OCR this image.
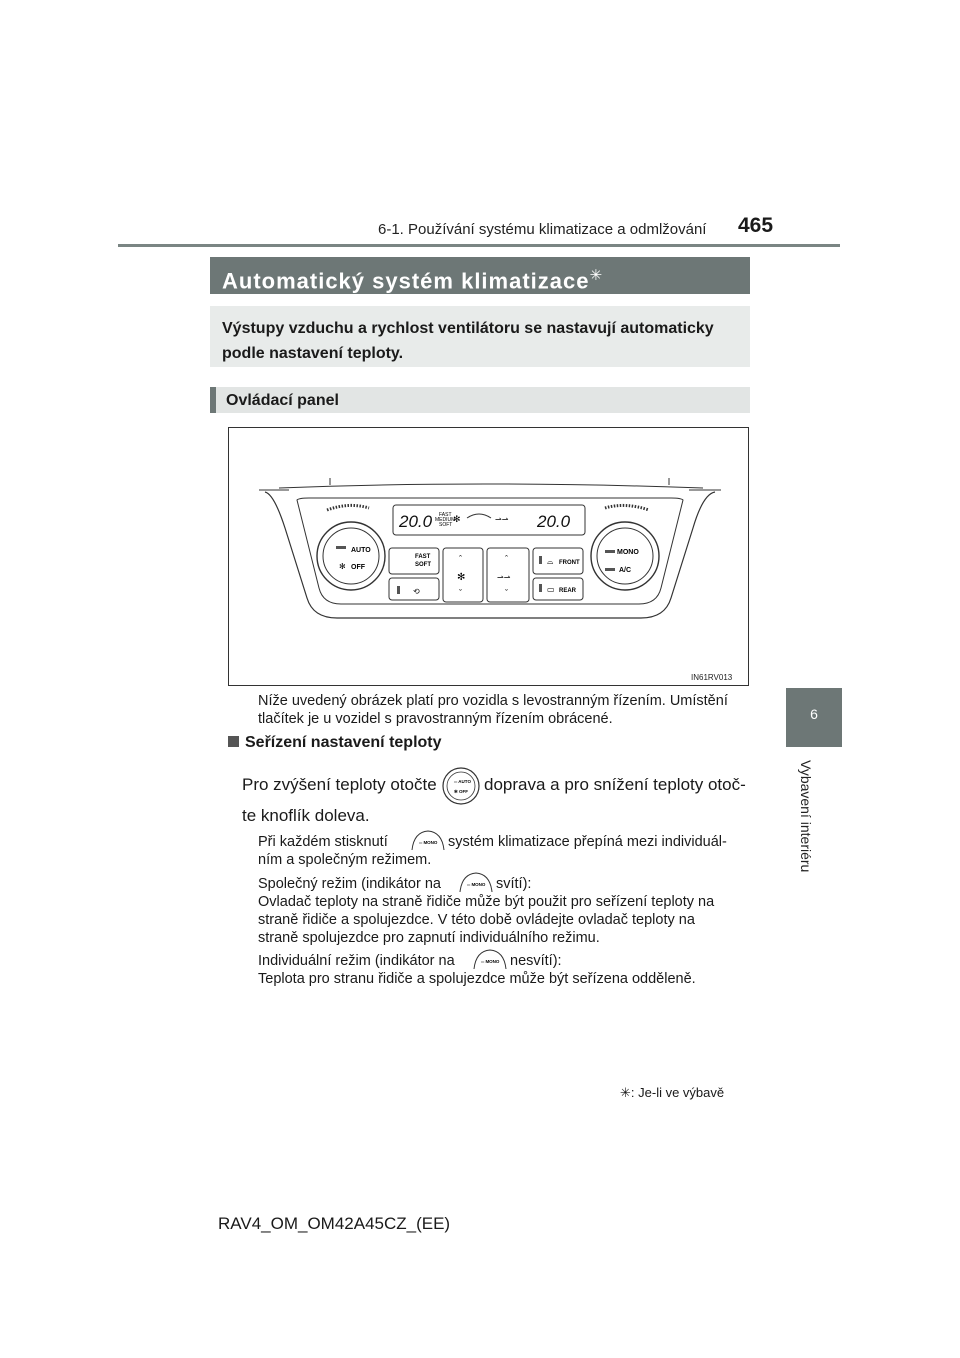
6-1. Používání systému klimatizace a odmlžování 465
6
Vybavení interiéru
Automatický systém klimatizace✳
Výstupy vzduchu a rychlost ventilátoru se nastavují automaticky
podle nastavení teploty.
Ovládací panel
20.0	20.0
FAST
MEDIUM
SOFT
✻	⇀⇀
AUTO
✻ OFF
MONO
A/C
FAST
SOFT
⟲
ˆ
✻
ˇ
ˆ
⇀⇀
ˇ
⌓ FRONT
▭ REAR
IN61RV013
Níže uvedený obrázek platí pro vozidla s levostranným řízením. Umístění
tlačítek je u vozidel s pravostranným řízením obrácené.
Seřízení nastavení teploty
Pro zvýšení teploty otočte	═ AUTO
✻ OFF doprava a pro snížení teploty otoč-
te knoflík doleva.
Při každém stisknutí	═ MONO systém klimatizace přepíná mezi individuál-
ním a společným režimem.
Společný režim (indikátor na	═ MONO svítí):
Ovladač teploty na straně řidiče může být použit pro seřízení teploty na
straně řidiče a spolujezdce. V této době ovládejte ovladač teploty na
straně spolujezdce pro zapnutí individuálního režimu.
Individuální režim (indikátor na	═ MONO nesvítí):
Teplota pro stranu řidiče a spolujezdce může být seřízena odděleně.
✳: Je-li ve výbavě
RAV4_OM_OM42A45CZ_(EE)
